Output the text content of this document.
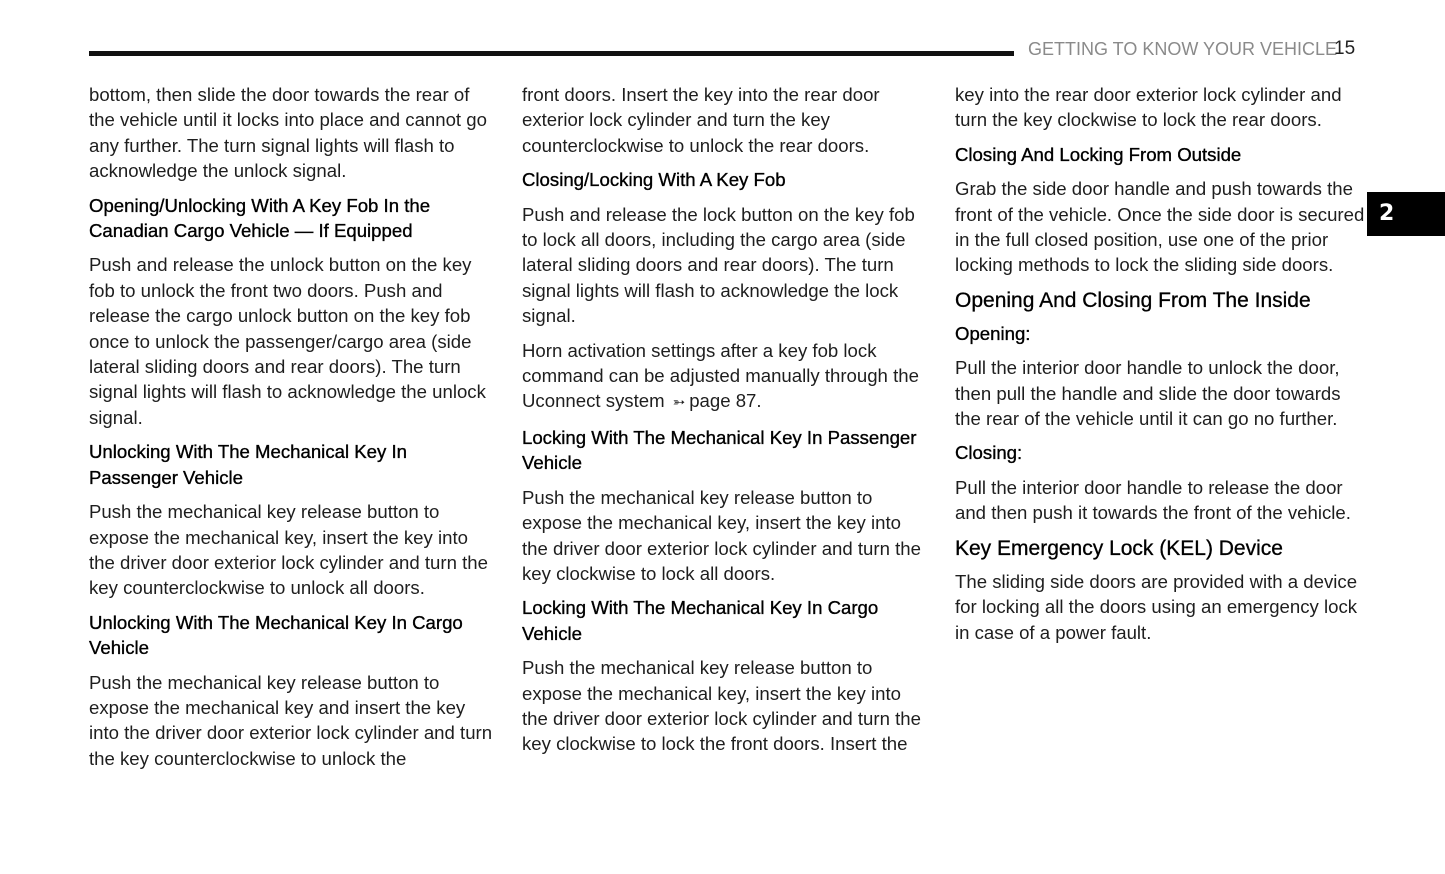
GETTING TO KNOW YOUR VEHICLE
15
2

bottom, then slide the door towards the rear of the vehicle until it locks into place and cannot go any further. The turn signal lights will flash to acknowledge the unlock signal.

Opening/Unlocking With A Key Fob In the Canadian Cargo Vehicle — If Equipped

Push and release the unlock button on the key fob to unlock the front two doors. Push and release the cargo unlock button on the key fob once to unlock the passenger/cargo area (side lateral sliding doors and rear doors). The turn signal lights will flash to acknowledge the unlock signal.

Unlocking With The Mechanical Key In Passenger Vehicle

Push the mechanical key release button to expose the mechanical key, insert the key into the driver door exterior lock cylinder and turn the key counterclockwise to unlock all doors.

Unlocking With The Mechanical Key In Cargo Vehicle

Push the mechanical key release button to expose the mechanical key and insert the key into the driver door exterior lock cylinder and turn the key counterclockwise to unlock the

front doors. Insert the key into the rear door exterior lock cylinder and turn the key counterclockwise to unlock the rear doors.

Closing/Locking With A Key Fob

Push and release the lock button on the key fob to lock all doors, including the cargo area (side lateral sliding doors and rear doors). The turn signal lights will flash to acknowledge the lock signal.

Horn activation settings after a key fob lock command can be adjusted manually through the Uconnect system ➳ page 87.

Locking With The Mechanical Key In Passenger Vehicle

Push the mechanical key release button to expose the mechanical key, insert the key into the driver door exterior lock cylinder and turn the key clockwise to lock all doors.

Locking With The Mechanical Key In Cargo Vehicle

Push the mechanical key release button to expose the mechanical key, insert the key into the driver door exterior lock cylinder and turn the key clockwise to lock the front doors. Insert the

key into the rear door exterior lock cylinder and turn the key clockwise to lock the rear doors.

Closing And Locking From Outside

Grab the side door handle and push towards the front of the vehicle. Once the side door is secured in the full closed position, use one of the prior locking methods to lock the sliding side doors.

Opening And Closing From The Inside
Opening:

Pull the interior door handle to unlock the door, then pull the handle and slide the door towards the rear of the vehicle until it can go no further.

Closing:

Pull the interior door handle to release the door and then push it towards the front of the vehicle.

Key Emergency Lock (KEL) Device

The sliding side doors are provided with a device for locking all the doors using an emergency lock in case of a power fault.
